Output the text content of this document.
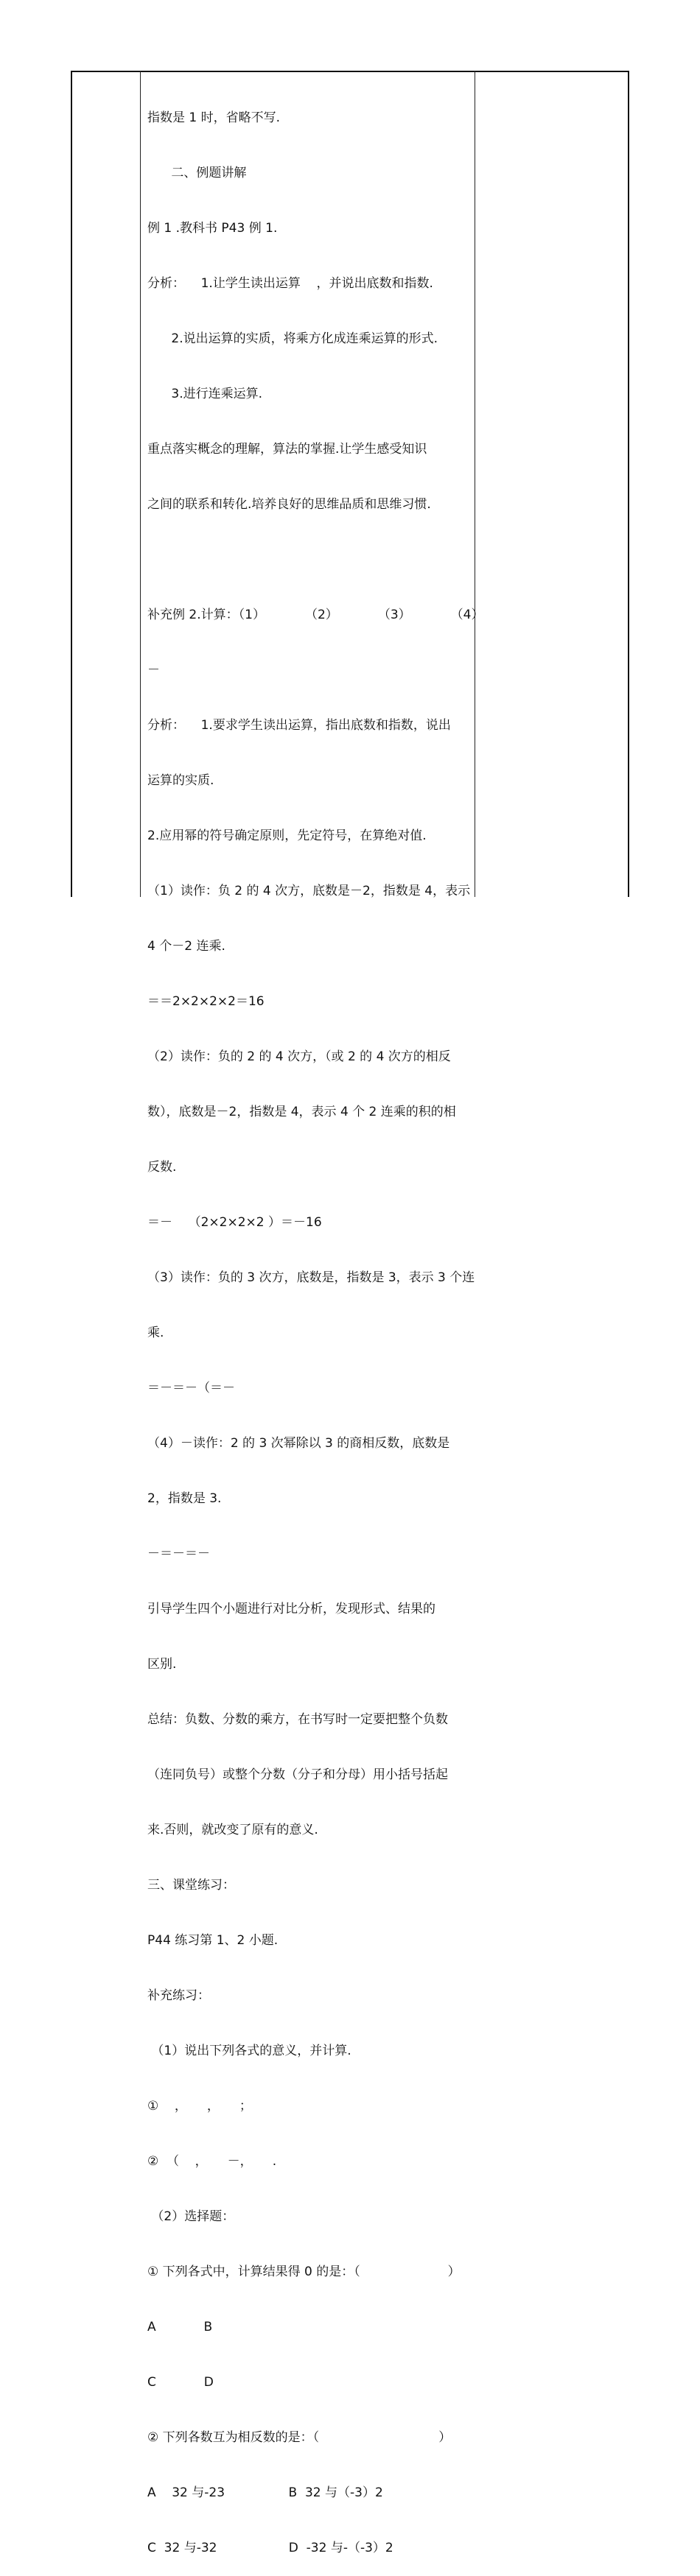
指数是 1 时，省略不写.

二、例题讲解

例 1 .教科书 P43 例 1.

分析：    1.让学生读出运算    ，并说出底数和指数.

2.说出运算的实质，将乘方化成连乘运算的形式.

3.进行连乘运算.

重点落实概念的理解，算法的掌握.让学生感受知识

之间的联系和转化.培养良好的思维品质和思维习惯.

补充例 2.计算：（1）          （2）          （3）          （4）

－

分析：    1.要求学生读出运算，指出底数和指数，说出

运算的实质.

2.应用幂的符号确定原则，先定符号，在算绝对值.

（1）读作：负 2 的 4 次方，底数是－2，指数是 4，表示

4 个－2 连乘.

＝＝2×2×2×2＝16

（2）读作：负的 2 的 4 次方，（或 2 的 4 次方的相反

数），底数是－2，指数是 4，表示 4 个 2 连乘的积的相

反数.

＝－    （2×2×2×2 ）＝－16

（3）读作：负的 3 次方，底数是，指数是 3，表示 3 个连

乘.

＝－＝－（＝－

（4）－读作：2 的 3 次幂除以 3 的商相反数，底数是

2，指数是 3.

－＝－＝－

引导学生四个小题进行对比分析，发现形式、结果的

区别.

总结：负数、分数的乘方，在书写时一定要把整个负数

（连同负号）或整个分数（分子和分母）用小括号括起

来.否则，就改变了原有的意义.

三、课堂练习：

P44 练习第 1、2 小题.

补充练习：

（1）说出下列各式的意义，并计算.

①    ，     ，     ；

②  （    ，     －，     .

（2）选择题：

① 下列各式中，计算结果得 0 的是：（                      ）

A            B

C            D

② 下列各数互为相反数的是：（                              ）

A    32 与-23                B  32 与（-3）2

C  32 与-32                  D  -32 与-（-3）2
